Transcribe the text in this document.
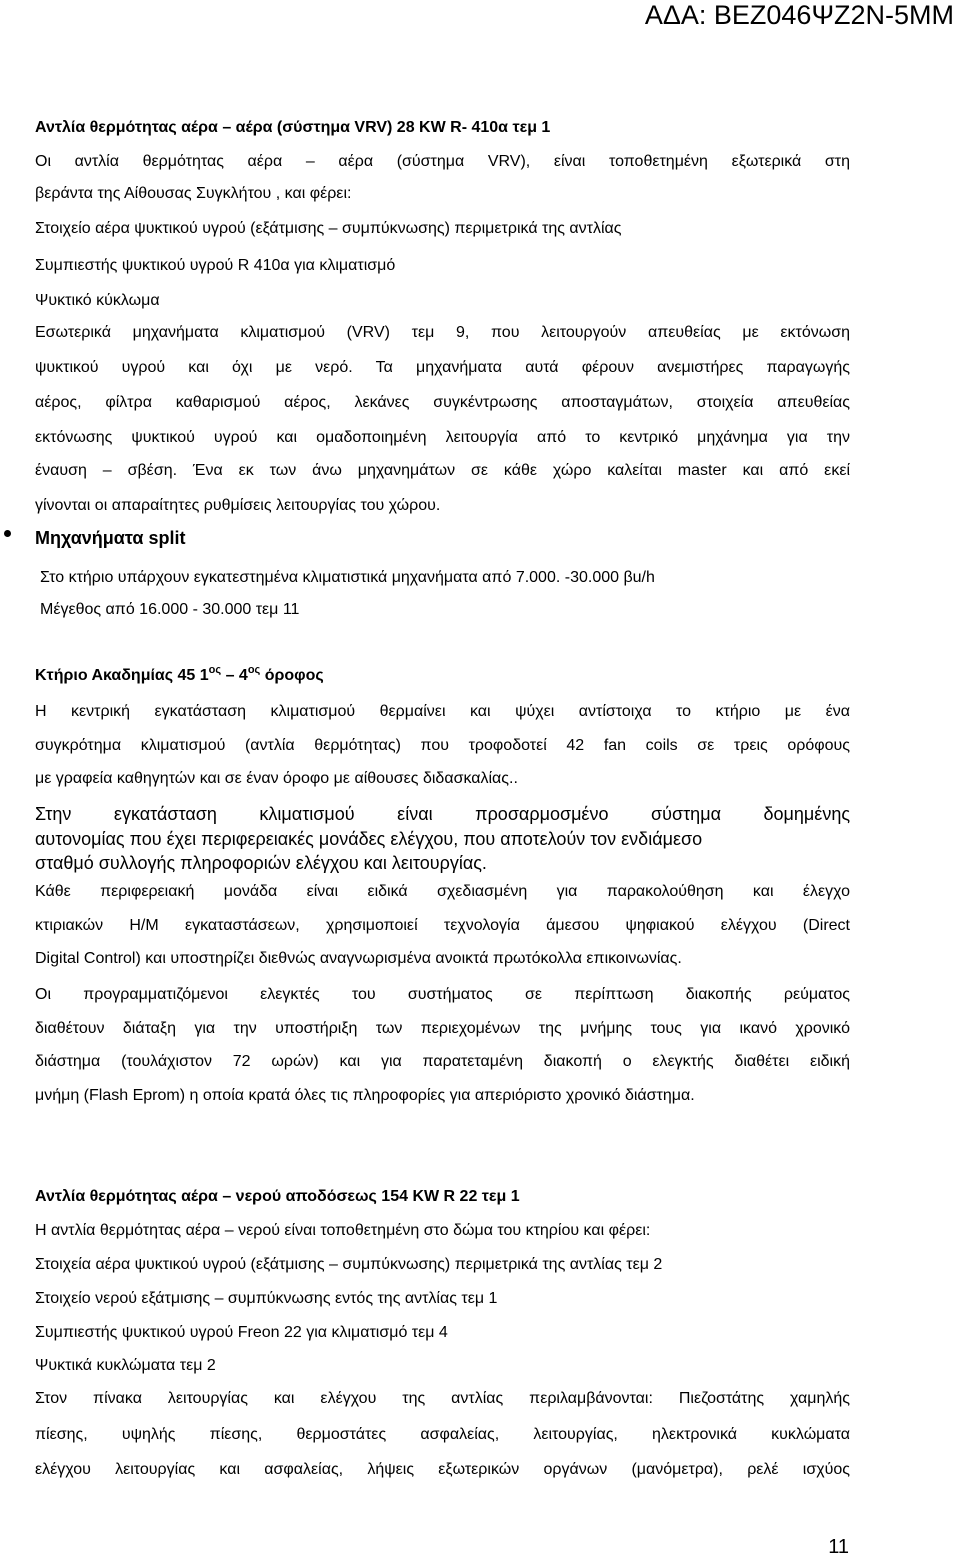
ΑΔΑ: ΒΕΖ046ΨΖ2Ν-5ΜΜ
Αντλία θερμότητας αέρα – αέρα (σύστημα VRV) 28 KW R- 410α τεμ 1
Οι αντλία θερμότητας αέρα – αέρα (σύστημα VRV), είναι τοποθετημένη εξωτερικά στη
βεράντα της Αίθουσας Συγκλήτου , και φέρει:
Στοιχείο αέρα ψυκτικού υγρού (εξάτμισης – συμπύκνωσης) περιμετρικά της αντλίας
Συμπιεστής ψυκτικού υγρού R 410α για κλιματισμό
Ψυκτικό κύκλωμα
Εσωτερικά μηχανήματα κλιματισμού (VRV) τεμ 9, που λειτουργούν απευθείας με εκτόνωση
ψυκτικού υγρού και όχι με νερό. Τα μηχανήματα αυτά φέρουν ανεμιστήρες παραγωγής
αέρος, φίλτρα καθαρισμού αέρος, λεκάνες συγκέντρωσης αποσταγμάτων, στοιχεία απευθείας
εκτόνωσης ψυκτικού υγρού και ομαδοποιημένη λειτουργία από το κεντρικό μηχάνημα για την
έναυση – σβέση. Ένα εκ των άνω μηχανημάτων σε κάθε χώρο καλείται master και από εκεί
γίνονται οι απαραίτητες ρυθμίσεις λειτουργίας του χώρου.
Μηχανήματα split
Στο κτήριο υπάρχουν εγκατεστημένα κλιματιστικά μηχανήματα από 7.000. -30.000 βu/h
Μέγεθος από 16.000 - 30.000 τεμ 11
Κτήριο Ακαδημίας 45 $1^{o\varsigma} - 4^{o\varsigma}$ όροφος
Η κεντρική εγκατάσταση κλιματισμού θερμαίνει και ψύχει αντίστοιχα το κτήριο με ένα
συγκρότημα κλιματισμού (αντλία θερμότητας) που τροφοδοτεί 42 fan coils σε τρεις ορόφους
με γραφεία καθηγητών και σε έναν όροφο με αίθουσες διδασκαλίας..
Στην εγκατάσταση κλιματισμού είναι προσαρμοσμένο σύστημα δομημένης
αυτονομίας που έχει περιφερειακές μονάδες ελέγχου, που αποτελούν τον ενδιάμεσο
σταθμό συλλογής πληροφοριών ελέγχου και λειτουργίας.
Κάθε περιφερειακή μονάδα είναι ειδικά σχεδιασμένη για παρακολούθηση και έλεγχο
κτιριακών Η/Μ εγκαταστάσεων, χρησιμοποιεί τεχνολογία άμεσου ψηφιακού ελέγχου (Direct
Digital Control) και υποστηρίζει διεθνώς αναγνωρισμένα ανοικτά πρωτόκολλα επικοινωνίας.
Οι προγραμματιζόμενοι ελεγκτές του συστήματος σε περίπτωση διακοπής ρεύματος
διαθέτουν διάταξη για την υποστήριξη των περιεχομένων της μνήμης τους για ικανό χρονικό
διάστημα (τουλάχιστον 72 ωρών) και για παρατεταμένη διακοπή ο ελεγκτής διαθέτει ειδική
μνήμη (Flash Eprom) η οποία κρατά όλες τις πληροφορίες για απεριόριστο χρονικό διάστημα.
Αντλία θερμότητας αέρα – νερού αποδόσεως 154 KW R 22 τεμ 1
Η αντλία θερμότητας αέρα – νερού είναι τοποθετημένη στο δώμα του κτηρίου και φέρει:
Στοιχεία αέρα ψυκτικού υγρού (εξάτμισης – συμπύκνωσης) περιμετρικά της αντλίας τεμ 2
Στοιχείο νερού εξάτμισης – συμπύκνωσης εντός της αντλίας τεμ 1
Συμπιεστής ψυκτικού υγρού Freon 22 για κλιματισμό τεμ 4
Ψυκτικά κυκλώματα τεμ 2
Στον πίνακα λειτουργίας και ελέγχου της αντλίας περιλαμβάνονται: Πιεζοστάτης χαμηλής
πίεσης, υψηλής πίεσης, θερμοστάτες ασφαλείας, λειτουργίας, ηλεκτρονικά κυκλώματα
ελέγχου λειτουργίας και ασφαλείας, λήψεις εξωτερικών οργάνων (μανόμετρα), ρελέ ισχύος
11
